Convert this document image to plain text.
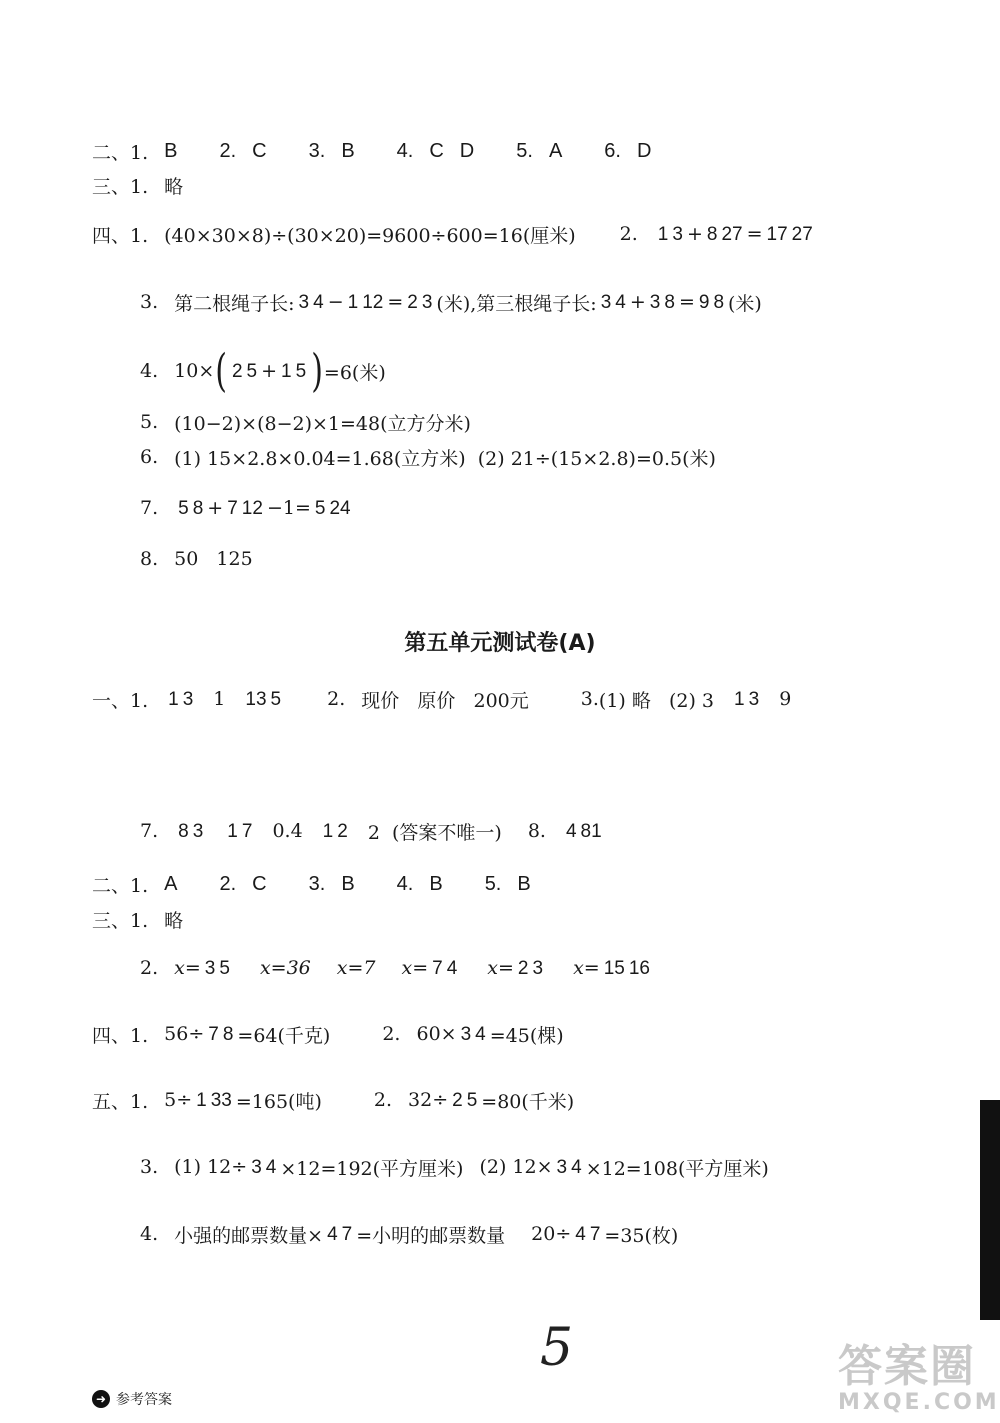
二、1. B 2. C 3. B 4. C D 5. A 6. D
三、1. 略
四、1. (40×30×8)÷(30×20)=9600÷600=16(厘米) 2. 1 3 + 8 27 = 17 27
3. 第二根绳子长: 3 4 − 1 12 = 2 3 (米),第三根绳子长: 3 4 + 3 8 = 9 8 (米)
4. 10× ( 2 5 + 1 5 ) =6(米)
5. (10−2)×(8−2)×1=48(立方分米)
6. (1) 15×2.8×0.04=1.68(立方米)  (2) 21÷(15×2.8)=0.5(米)
7. 5 8 + 7 12 −1= 5 24
8. 50   125
第五单元测试卷(A)
一、1. 1 3 1 13 5 2. 现价   原价   200元	3. (1) 略   (2) 3 1 3 9
7. 8 3 1 7 0.4 1 2 2  (答案不唯一) 8. 4 81
二、1. A 2. C 3. B 4. B 5. B
三、1. 略
2. x= 3 5 x=36 x=7 x= 7 4 x= 2 3 x= 15 16
四、1. 56÷ 7 8 =64(千克)	2. 60× 3 4 =45(棵)
五、1. 5÷ 1 33 =165(吨)	2. 32÷ 2 5 =80(千米)
3. (1) 12÷ 3 4 ×12=192(平方厘米) (2) 12× 3 4 ×12=108(平方厘米)
4. 小强的邮票数量× 4 7 =小明的邮票数量 20÷ 4 7 =35(枚)
5	答案圈
MXQE.COM
➜ 参考答案
